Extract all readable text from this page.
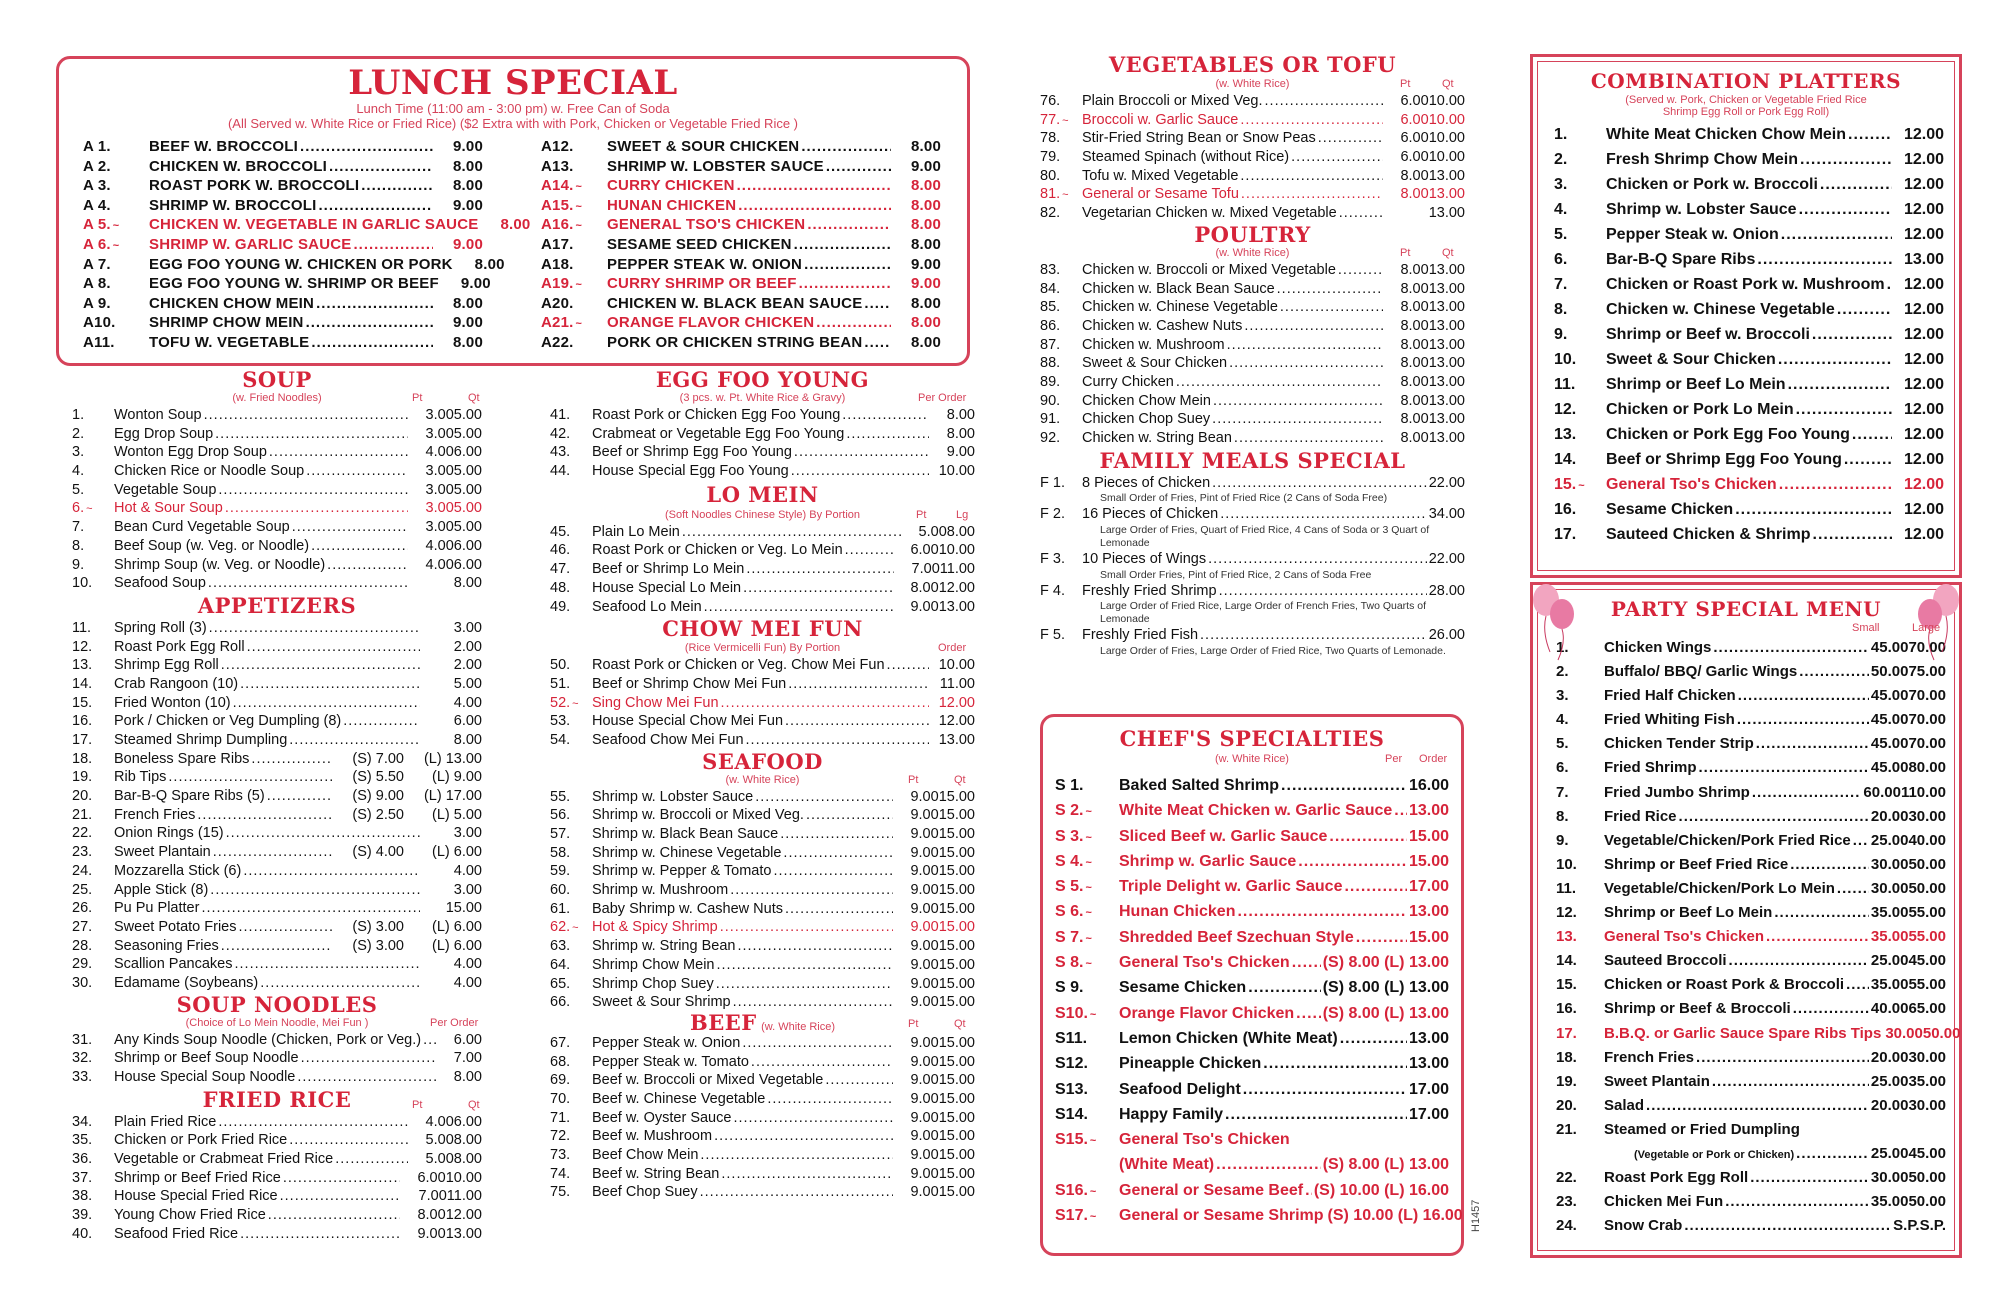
LUNCH SPECIAL
Lunch Time (11:00 am - 3:00 pm) w. Free Can of Soda
(All Served w. White Rice or Fried Rice) ($2 Extra with with Pork, Chicken or Vegetable Fried Rice )
A 1.	BEEF W. BROCCOLI .....	9.00
A 2.	CHICKEN W. BROCCOLI .....	8.00
A 3.	ROAST PORK W. BROCCOLI .....	8.00
A 4.	SHRIMP W. BROCCOLI .....	9.00
A 5. ~	CHICKEN W. VEGETABLE IN GARLIC SAUCE	8.00
A 6. ~	SHRIMP W. GARLIC SAUCE .....	9.00
A 7.	EGG FOO YOUNG W. CHICKEN OR PORK	8.00
A 8.	EGG FOO YOUNG W. SHRIMP OR BEEF	9.00
A 9.	CHICKEN CHOW MEIN .....	8.00
A10.	SHRIMP CHOW MEIN .....	9.00
A11.	TOFU W. VEGETABLE .....	8.00
A12.	SWEET & SOUR CHICKEN .....	8.00
A13.	SHRIMP W. LOBSTER SAUCE .....	9.00
A14. ~	CURRY CHICKEN .....	8.00
A15. ~	HUNAN CHICKEN .....	8.00
A16. ~	GENERAL TSO'S CHICKEN .....	8.00
A17.	SESAME SEED CHICKEN .....	8.00
A18.	PEPPER STEAK W. ONION .....	9.00
A19. ~	CURRY SHRIMP OR BEEF .....	9.00
A20.	CHICKEN W. BLACK BEAN SAUCE .....	8.00
A21. ~	ORANGE FLAVOR CHICKEN .....	8.00
A22.	PORK OR CHICKEN STRING BEAN .....	8.00
SOUP
(w. Fried Noodles)	Pt	Qt
1.	Wonton Soup .....	3.00 5.00
2.	Egg Drop Soup .....	3.00 5.00
3.	Wonton Egg Drop Soup .....	4.00 6.00
4.	Chicken Rice or Noodle Soup .....	3.00 5.00
5.	Vegetable Soup .....	3.00 5.00
6. ~	Hot & Sour Soup .....	3.00 5.00
7.	Bean Curd Vegetable Soup .....	3.00 5.00
8.	Beef Soup (w. Veg. or Noodle) .....	4.00 6.00
9.	Shrimp Soup (w. Veg. or Noodle) .....	4.00 6.00
10.	Seafood Soup .....	8.00
APPETIZERS
11.	Spring Roll (3) .....	3.00
12.	Roast Pork Egg Roll .....	2.00
13.	Shrimp Egg Roll .....	2.00
14.	Crab Rangoon (10) .....	5.00
15.	Fried Wonton (10) .....	4.00
16.	Pork / Chicken or Veg Dumpling (8) .....	6.00
17.	Steamed Shrimp Dumpling .....	8.00
18.	Boneless Spare Ribs .....	(S) 7.00	(L) 13.00
19.	Rib Tips .....	(S) 5.50	(L) 9.00
20.	Bar-B-Q Spare Ribs (5) .....	(S) 9.00	(L) 17.00
21.	French Fries .....	(S) 2.50	(L) 5.00
22.	Onion Rings (15) .....	3.00
23.	Sweet Plantain .....	(S) 4.00	(L) 6.00
24.	Mozzarella Stick (6) .....	4.00
25.	Apple Stick (8) .....	3.00
26.	Pu Pu Platter .....	15.00
27.	Sweet Potato Fries .....	(S) 3.00	(L) 6.00
28.	Seasoning Fries .....	(S) 3.00	(L) 6.00
29.	Scallion Pancakes .....	4.00
30.	Edamame (Soybeans) .....	4.00
SOUP NOODLES
(Choice of Lo Mein Noodle, Mei Fun )	Per Order
31.	Any Kinds Soup Noodle (Chicken, Pork or Veg.) .....	6.00
32.	Shrimp or Beef Soup Noodle .....	7.00
33.	House Special Soup Noodle .....	8.00
FRIED RICE	Pt	Qt
34.	Plain Fried Rice .....	4.00 6.00
35.	Chicken or Pork Fried Rice .....	5.00 8.00
36.	Vegetable or Crabmeat Fried Rice .....	5.00 8.00
37.	Shrimp or Beef Fried Rice .....	6.00 10.00
38.	House Special Fried Rice .....	7.00 11.00
39.	Young Chow Fried Rice .....	8.00 12.00
40.	Seafood Fried Rice .....	9.00 13.00
EGG FOO YOUNG
(3 pcs. w. Pt. White Rice & Gravy)	Per Order
41.	Roast Pork or Chicken Egg Foo Young .....	8.00
42.	Crabmeat or Vegetable Egg Foo Young .....	8.00
43.	Beef or Shrimp Egg Foo Young .....	9.00
44.	House Special Egg Foo Young .....	10.00
LO MEIN
(Soft Noodles Chinese Style) By Portion	Pt	Lg
45.	Plain Lo Mein .....	5.00 8.00
46.	Roast Pork or Chicken or Veg. Lo Mein .....	6.00 10.00
47.	Beef or Shrimp Lo Mein .....	7.00 11.00
48.	House Special Lo Mein .....	8.00 12.00
49.	Seafood Lo Mein .....	9.00 13.00
CHOW MEI FUN
(Rice Vermicelli Fun) By Portion	Order
50.	Roast Pork or Chicken or Veg. Chow Mei Fun .....	10.00
51.	Beef or Shrimp Chow Mei Fun .....	11.00
52. ~ Sing Chow Mei Fun .....	12.00
53.	House Special Chow Mei Fun .....	12.00
54.	Seafood Chow Mei Fun .....	13.00
SEAFOOD
(w. White Rice)	Pt	Qt
55.	Shrimp w. Lobster Sauce .....	9.00 15.00
56.	Shrimp w. Broccoli or Mixed Veg. .....	9.00 15.00
57.	Shrimp w. Black Bean Sauce .....	9.00 15.00
58.	Shrimp w. Chinese Vegetable .....	9.00 15.00
59.	Shrimp w. Pepper & Tomato .....	9.00 15.00
60.	Shrimp w. Mushroom .....	9.00 15.00
61.	Baby Shrimp w. Cashew Nuts .....	9.00 15.00
62. ~ Hot & Spicy Shrimp .....	9.00 15.00
63.	Shrimp w. String Bean .....	9.00 15.00
64.	Shrimp Chow Mein .....	9.00 15.00
65.	Shrimp Chop Suey .....	9.00 15.00
66.	Sweet & Sour Shrimp .....	9.00 15.00
BEEF (w. White Rice)	Pt	Qt
67.	Pepper Steak w. Onion .....	9.00 15.00
68.	Pepper Steak w. Tomato .....	9.00 15.00
69.	Beef w. Broccoli or Mixed Vegetable .....	9.00 15.00
70.	Beef w. Chinese Vegetable .....	9.00 15.00
71.	Beef w. Oyster Sauce .....	9.00 15.00
72.	Beef w. Mushroom .....	9.00 15.00
73.	Beef Chow Mein .....	9.00 15.00
74.	Beef w. String Bean .....	9.00 15.00
75.	Beef Chop Suey .....	9.00 15.00
VEGETABLES OR TOFU
(w. White Rice)	Pt	Qt
76.	Plain Broccoli or Mixed Veg. .....	6.00 10.00
77. ~ Broccoli w. Garlic Sauce .....	6.00 10.00
78.	Stir-Fried String Bean or Snow Peas .....	6.00 10.00
79.	Steamed Spinach (without Rice) .....	6.00 10.00
80.	Tofu w. Mixed Vegetable .....	8.00 13.00
81. ~ General or Sesame Tofu .....	8.00 13.00
82.	Vegetarian Chicken w. Mixed Vegetable .....	13.00
POULTRY
(w. White Rice)	Pt	Qt
83.	Chicken w. Broccoli or Mixed Vegetable .....	8.00 13.00
84.	Chicken w. Black Bean Sauce .....	8.00 13.00
85.	Chicken w. Chinese Vegetable .....	8.00 13.00
86.	Chicken w. Cashew Nuts .....	8.00 13.00
87.	Chicken w. Mushroom .....	8.00 13.00
88.	Sweet & Sour Chicken .....	8.00 13.00
89.	Curry Chicken .....	8.00 13.00
90.	Chicken Chow Mein .....	8.00 13.00
91.	Chicken Chop Suey .....	8.00 13.00
92.	Chicken w. String Bean .....	8.00 13.00
FAMILY MEALS SPECIAL
F 1.	8 Pieces of Chicken .....	22.00
Small Order of Fries, Pint of Fried Rice (2 Cans of Soda Free)
F 2.	16 Pieces of Chicken .....	34.00
Large Order of Fries, Quart of Fried Rice, 4 Cans of Soda or 3 Quart of Lemonade
F 3.	10 Pieces of Wings .....	22.00
Small Order Fries, Pint of Fried Rice, 2 Cans of Soda Free
F 4.	Freshly Fried Shrimp .....	28.00
Large Order of Fried Rice, Large Order of French Fries, Two Quarts of Lemonade
F 5.	Freshly Fried Fish .....	26.00
Large Order of Fries, Large Order of Fried Rice, Two Quarts of Lemonade.
CHEF'S SPECIALTIES
(w. White Rice)	Per Order
S 1.	Baked Salted Shrimp .....	16.00
S 2. ~	White Meat Chicken w. Garlic Sauce ..... 13.00
S 3. ~	Sliced Beef w. Garlic Sauce .....	15.00
S 4. ~	Shrimp w. Garlic Sauce .....	15.00
S 5. ~	Triple Delight w. Garlic Sauce .....	17.00
S 6. ~	Hunan Chicken .....	13.00
S 7. ~	Shredded Beef Szechuan Style .....	15.00
S 8. ~	General Tso's Chicken ..... (S) 8.00 (L) 13.00
S 9.	Sesame Chicken .....	(S) 8.00 (L) 13.00
S10. ~	Orange Flavor Chicken ..... (S) 8.00 (L) 13.00
S11.	Lemon Chicken (White Meat) .....	13.00
S12.	Pineapple Chicken .....	13.00
S13.	Seafood Delight .....	17.00
S14.	Happy Family .....	17.00
S15. ~	General Tso's Chicken
(White Meat) .....	(S) 8.00 (L) 13.00
S16. ~	General or Sesame Beef ..... (S) 10.00 (L) 16.00
S17. ~	General or Sesame Shrimp (S) 10.00 (L) 16.00 H1457
COMBINATION PLATTERS
(Served w. Pork, Chicken or Vegetable Fried Rice
Shrimp Egg Roll or Pork Egg Roll)
1.	White Meat Chicken Chow Mein .....	12.00
2.	Fresh Shrimp Chow Mein .....	12.00
3.	Chicken or Pork w. Broccoli .....	12.00
4.	Shrimp w. Lobster Sauce .....	12.00
5.	Pepper Steak w. Onion .....	12.00
6.	Bar-B-Q Spare Ribs .....	13.00
7.	Chicken or Roast Pork w. Mushroom .....	12.00
8.	Chicken w. Chinese Vegetable .....	12.00
9.	Shrimp or Beef w. Broccoli .....	12.00
10.	Sweet & Sour Chicken .....	12.00
11.	Shrimp or Beef Lo Mein .....	12.00
12.	Chicken or Pork Lo Mein .....	12.00
13.	Chicken or Pork Egg Foo Young .....	12.00
14.	Beef or Shrimp Egg Foo Young .....	12.00
15. ~	General Tso's Chicken .....	12.00
16.	Sesame Chicken .....	12.00
17.	Sauteed Chicken & Shrimp .....	12.00
PARTY SPECIAL MENU
Small	Large
1.	Chicken Wings .....	45.00 70.00
2.	Buffalo/ BBQ/ Garlic Wings .....	50.00 75.00
3.	Fried Half Chicken .....	45.00 70.00
4.	Fried Whiting Fish .....	45.00 70.00
5.	Chicken Tender Strip .....	45.00 70.00
6.	Fried Shrimp .....	45.00 80.00
7.	Fried Jumbo Shrimp .....	60.00 110.00
8.	Fried Rice .....	20.00 30.00
9.	Vegetable/Chicken/Pork Fried Rice ..... 25.00 40.00
10.	Shrimp or Beef Fried Rice .....	30.00 50.00
11.	Vegetable/Chicken/Pork Lo Mein ..... 30.00 50.00
12.	Shrimp or Beef Lo Mein .....	35.00 55.00
13.	General Tso's Chicken .....	35.00 55.00
14.	Sauteed Broccoli .....	25.00 45.00
15.	Chicken or Roast Pork & Broccoli ..... 35.00 55.00
16.	Shrimp or Beef & Broccoli .....	40.00 65.00
17.	B.B.Q. or Garlic Sauce Spare Ribs Tips 30.00 50.00
18.	French Fries .....	20.00 30.00
19.	Sweet Plantain .....	25.00 35.00
20.	Salad .....	20.00 30.00
21.	Steamed or Fried Dumpling
(Vegetable or Pork or Chicken) .....	25.00 45.00
22.	Roast Pork Egg Roll .....	30.00 50.00
23.	Chicken Mei Fun .....	35.00 50.00
24.	Snow Crab .....	S.P. S.P.
